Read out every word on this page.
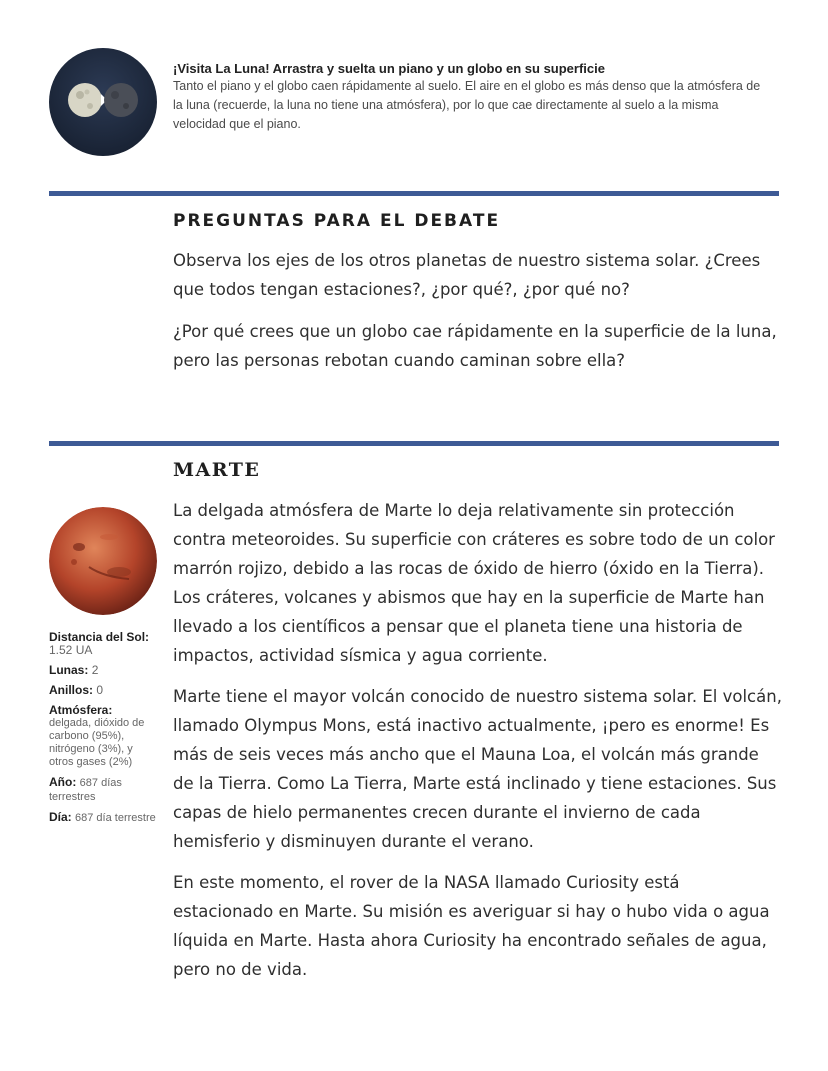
¡Visita La Luna! Arrastra y suelta un piano y un globo en su superficie
Tanto el piano y el globo caen rápidamente al suelo. El aire en el globo es más denso que la atmósfera de la luna (recuerde, la luna no tiene una atmósfera), por lo que cae directamente al suelo a la misma velocidad que el piano.
PREGUNTAS PARA EL DEBATE

Observa los ejes de los otros planetas de nuestro sistema solar. ¿Crees que todos tengan estaciones?, ¿por qué?, ¿por qué no?

¿Por qué crees que un globo cae rápidamente en la superficie de la luna, pero las personas rebotan cuando caminan sobre ella?

MARTE
Distancia del Sol:
1.52 UA
Lunas: 2
Anillos: 0
Atmósfera:
delgada, dióxido de carbono (95%), nitrógeno (3%), y otros gases (2%)
Año: 687 días terrestres
Día: 687 día terrestre

La delgada atmósfera de Marte lo deja relativamente sin protección contra meteoroides. Su superficie con cráteres es sobre todo de un color marrón rojizo, debido a las rocas de óxido de hierro (óxido en la Tierra). Los cráteres, volcanes y abismos que hay en la superficie de Marte han llevado a los científicos a pensar que el planeta tiene una historia de impactos, actividad sísmica y agua corriente.

Marte tiene el mayor volcán conocido de nuestro sistema solar. El volcán, llamado Olympus Mons, está inactivo actualmente, ¡pero es enorme! Es más de seis veces más ancho que el Mauna Loa, el volcán más grande de la Tierra. Como La Tierra, Marte está inclinado y tiene estaciones. Sus capas de hielo permanentes crecen durante el invierno de cada hemisferio y disminuyen durante el verano.

En este momento, el rover de la NASA llamado Curiosity está estacionado en Marte. Su misión es averiguar si hay o hubo vida o agua líquida en Marte. Hasta ahora Curiosity ha encontrado señales de agua, pero no de vida.
